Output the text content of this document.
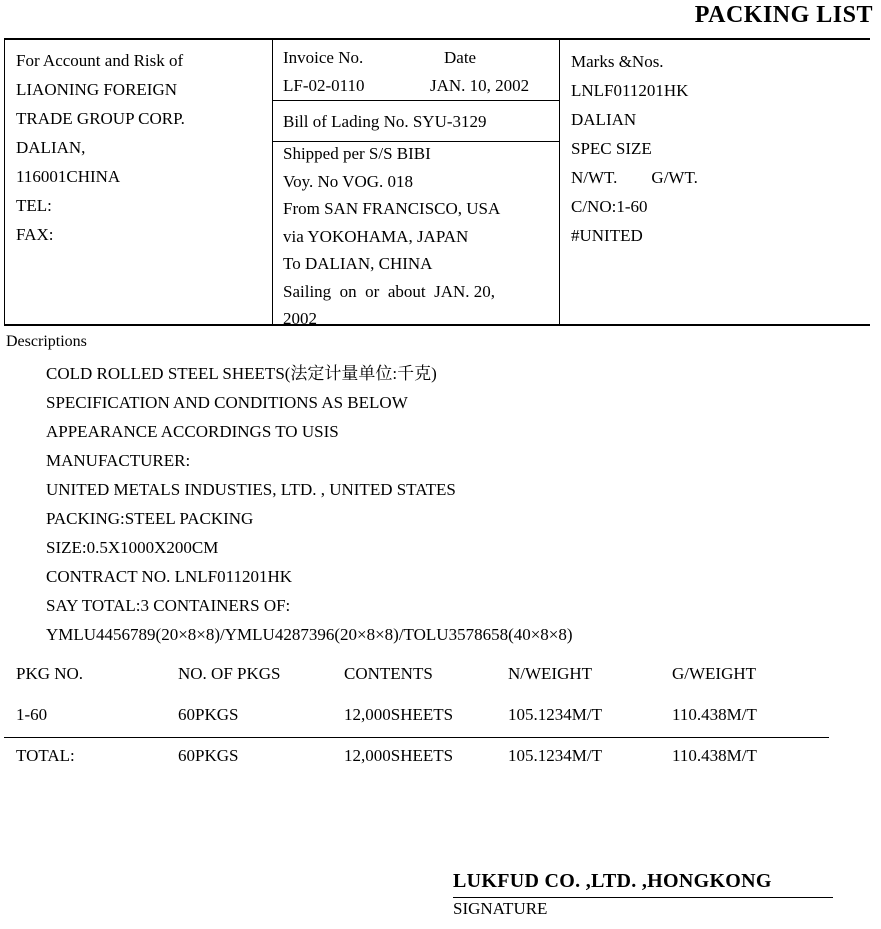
PACKING LIST
For Account and Risk of
LIAONING FOREIGN
TRADE GROUP CORP.
DALIAN,
116001CHINA
TEL:
FAX:
Invoice No.	Date
LF-02-0110	JAN. 10, 2002
Bill of Lading No. SYU-3129
Shipped per S/S BIBI
Voy. No VOG. 018
From SAN FRANCISCO, USA
via YOKOHAMA, JAPAN
To DALIAN, CHINA
Sailing  on  or  about  JAN. 20,
2002
Marks &Nos.
LNLF011201HK
DALIAN
SPEC SIZE
N/WT.        G/WT.
C/NO:1-60
#UNITED
Descriptions
COLD ROLLED STEEL SHEETS(法定计量单位:千克)
SPECIFICATION AND CONDITIONS AS BELOW
APPEARANCE ACCORDINGS TO USIS
MANUFACTURER:
UNITED METALS INDUSTIES, LTD. , UNITED STATES
PACKING:STEEL PACKING
SIZE:0.5X1000X200CM
CONTRACT NO. LNLF011201HK
SAY TOTAL:3 CONTAINERS OF:
YMLU4456789(20×8×8)/YMLU4287396(20×8×8)/TOLU3578658(40×8×8)
PKG NO.	NO. OF PKGS	CONTENTS	N/WEIGHT	G/WEIGHT
1-60	60PKGS	12,000SHEETS	105.1234M/T	110.438M/T
TOTAL:	60PKGS	12,000SHEETS	105.1234M/T	110.438M/T
LUKFUD CO. ,LTD. ,HONGKONG
SIGNATURE
